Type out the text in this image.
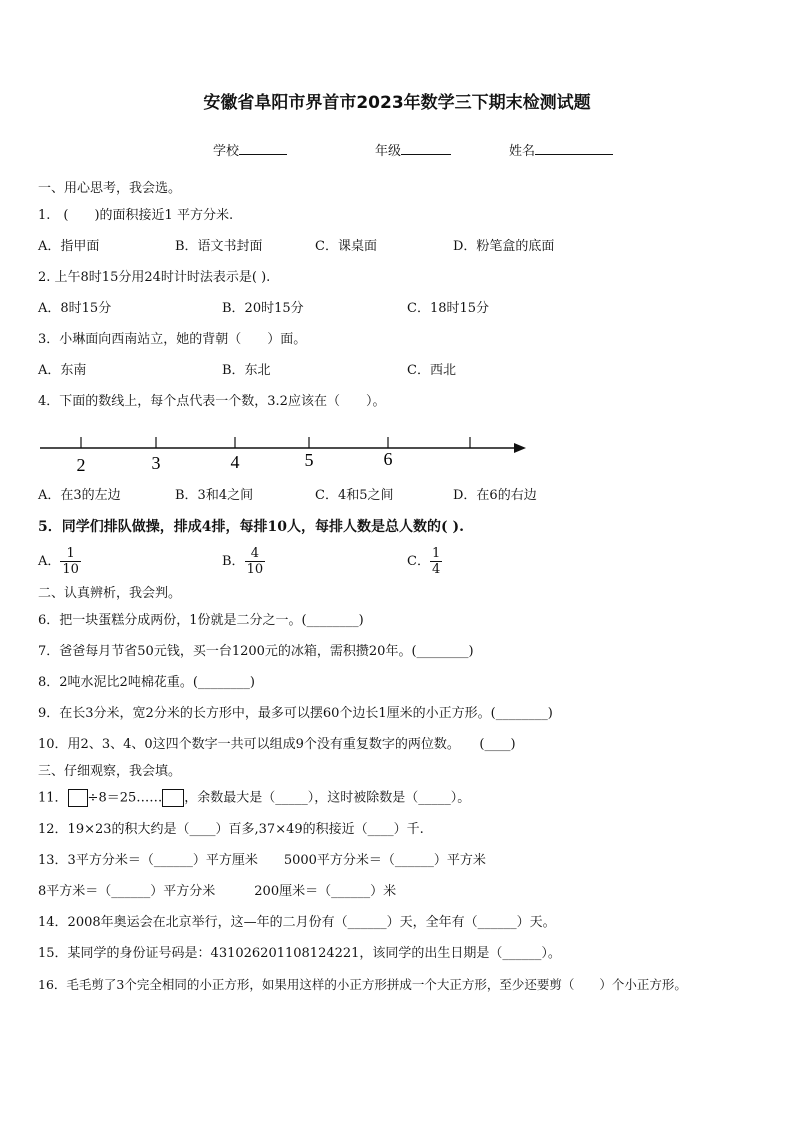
安徽省阜阳市界首市2023年数学三下期末检测试题
学校	年级	姓名
一、用心思考，我会选。
1.　(　　)的面积接近1 平方分米.
A．指甲面	B．语文书封面	C．课桌面	D．粉笔盒的底面
2. 上午8时15分用24时计时法表示是( ).
A．8时15分	B．20时15分	C．18时15分
3．小琳面向西南站立，她的背朝（　　）面。
A．东南	B．东北	C．西北
4．下面的数线上，每个点代表一个数，3.2应该在（　　）。
2	3	4	5	6
A．在3的左边	B．3和4之间	C．4和5之间	D．在6的右边
5．同学们排队做操，排成4排，每排10人，每排人数是总人数的( ).
A． $\frac{1}{10}$	B． $\frac{4}{10}$	C． $\frac{1}{4}$
二、认真辨析，我会判。
6．把一块蛋糕分成两份，1份就是二分之一。(________)
7．爸爸每月节省50元钱，买一台1200元的冰箱，需积攒20年。(________)
8．2吨水泥比2吨棉花重。(________)
9．在长3分米，宽2分米的长方形中，最多可以摆60个边长1厘米的小正方形。(________)
10．用2、3、4、0这四个数字一共可以组成9个没有重复数字的两位数。　　(____)
三、仔细观察，我会填。
11． ÷8＝25…… ，余数最大是（_____），这时被除数是（_____）。
12．19×23的积大约是（____）百多,37×49的积接近（____）千.
13．3平方分米＝（______）平方厘米　　5000平方分米＝（______）平方米
8平方米＝（______）平方分米　　　200厘米＝（______）米
14．2008年奥运会在北京举行，这—年的二月份有（______）天，全年有（______）天。
15．某同学的身份证号码是：431026201108124221，该同学的出生日期是（______）。
16．毛毛剪了3个完全相同的小正方形，如果用这样的小正方形拼成一个大正方形，至少还要剪（　　）个小正方形。
